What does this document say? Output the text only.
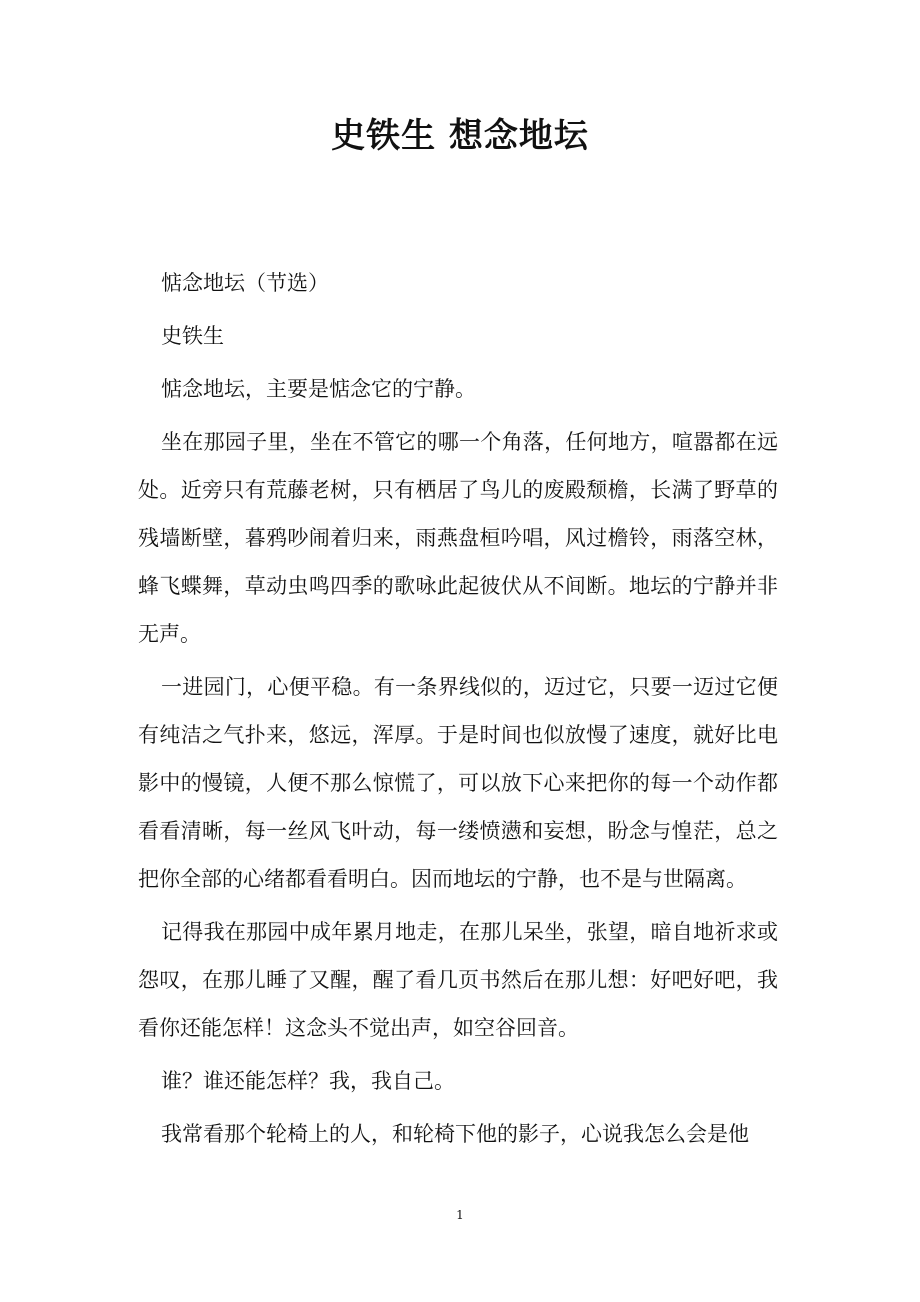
史铁生 想念地坛

惦念地坛（节选）

史铁生

惦念地坛，主要是惦念它的宁静。

坐在那园子里，坐在不管它的哪一个角落，任何地方，喧嚣都在远处。近旁只有荒藤老树，只有栖居了鸟儿的废殿颓檐，长满了野草的残墙断壁，暮鸦吵闹着归来，雨燕盘桓吟唱，风过檐铃，雨落空林，蜂飞蝶舞，草动虫鸣四季的歌咏此起彼伏从不间断。地坛的宁静并非无声。

一进园门，心便平稳。有一条界线似的，迈过它，只要一迈过它便有纯洁之气扑来，悠远，浑厚。于是时间也似放慢了速度，就好比电影中的慢镜，人便不那么惊慌了，可以放下心来把你的每一个动作都看看清晰，每一丝风飞叶动，每一缕愤懑和妄想，盼念与惶茫，总之把你全部的心绪都看看明白。因而地坛的宁静，也不是与世隔离。

记得我在那园中成年累月地走，在那儿呆坐，张望，暗自地祈求或怨叹，在那儿睡了又醒，醒了看几页书然后在那儿想：好吧好吧，我看你还能怎样！这念头不觉出声，如空谷回音。

谁？谁还能怎样？我，我自己。

我常看那个轮椅上的人，和轮椅下他的影子，心说我怎么会是他

1
